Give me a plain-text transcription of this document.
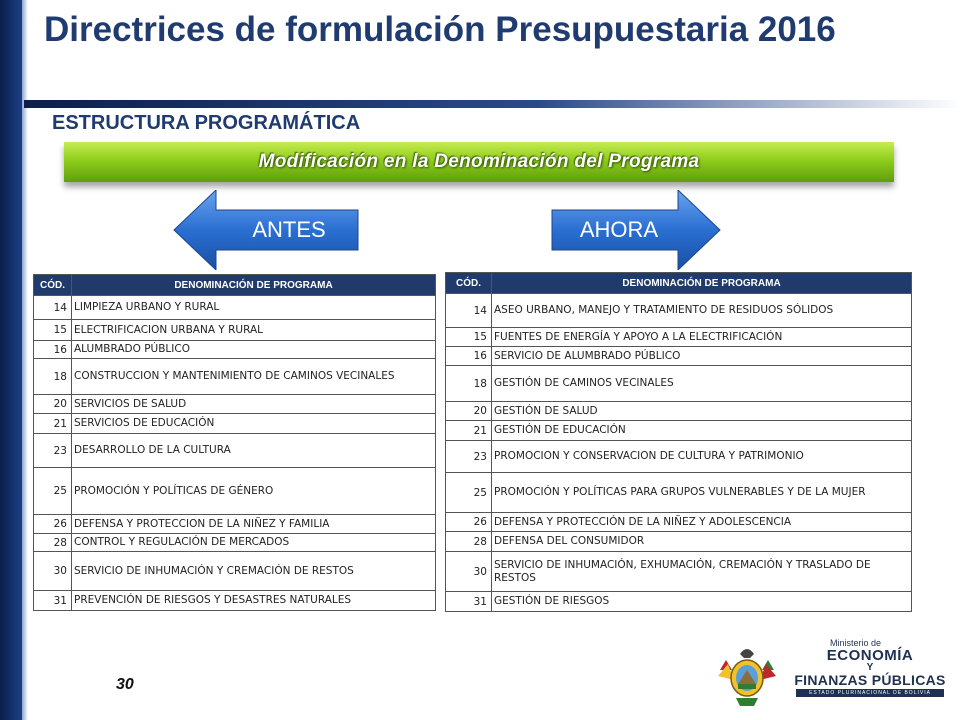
Directrices de formulación Presupuestaria 2016
ESTRUCTURA PROGRAMÁTICA
Modificación en la Denominación del Programa
ANTES	AHORA
CÓD.	DENOMINACIÓN DE PROGRAMA
14	LIMPIEZA URBANO Y RURAL
15	ELECTRIFICACION URBANA Y RURAL
16	ALUMBRADO PÚBLICO
18	CONSTRUCCION Y MANTENIMIENTO DE CAMINOS VECINALES
20	SERVICIOS DE SALUD
21	SERVICIOS DE EDUCACIÓN
23	DESARROLLO DE LA CULTURA
25	PROMOCIÓN Y POLÍTICAS DE GÉNERO
26	DEFENSA Y PROTECCION DE LA NIÑEZ Y FAMILIA
28	CONTROL Y REGULACIÓN DE MERCADOS
30	SERVICIO DE INHUMACIÓN Y CREMACIÓN DE RESTOS
31	PREVENCIÓN DE RIESGOS Y DESASTRES NATURALES
CÓD.	DENOMINACIÓN DE PROGRAMA
14	ASEO URBANO, MANEJO Y TRATAMIENTO DE RESIDUOS SÓLIDOS
15	FUENTES DE ENERGÍA Y APOYO A LA ELECTRIFICACIÓN
16	SERVICIO DE ALUMBRADO PÚBLICO
18	GESTIÓN DE CAMINOS VECINALES
20	GESTIÓN DE SALUD
21	GESTIÓN DE EDUCACIÓN
23	PROMOCION Y CONSERVACION DE CULTURA Y PATRIMONIO
25	PROMOCIÓN Y POLÍTICAS PARA GRUPOS VULNERABLES Y DE LA MUJER
26	DEFENSA Y PROTECCIÓN DE LA NIÑEZ Y ADOLESCENCIA
28	DEFENSA DEL CONSUMIDOR
30	SERVICIO DE INHUMACIÓN, EXHUMACIÓN, CREMACIÓN Y TRASLADO DE RESTOS
31	GESTIÓN DE RIESGOS
30
Ministerio de
ECONOMÍA
Y
FINANZAS PÚBLICAS
ESTADO PLURINACIONAL DE BOLIVIA
